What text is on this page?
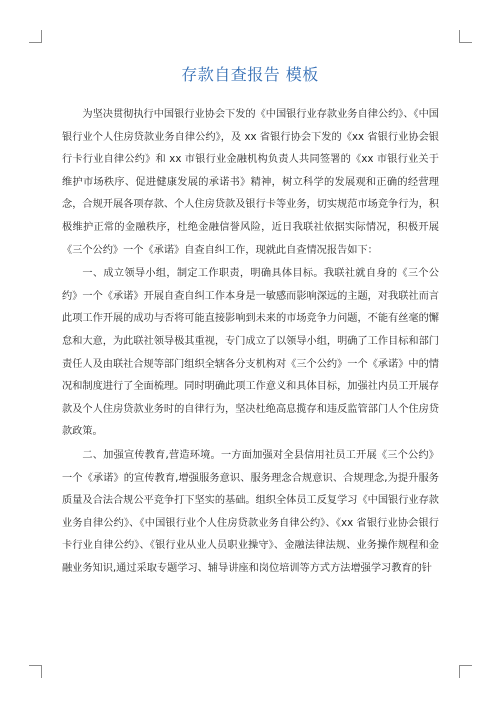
存款自查报告 模板

为坚决贯彻执行中国银行业协会下发的《中国银行业存款业务自律公约》、《中国银行业个人住房贷款业务自律公约》，及 xx 省银行协会下发的《xx 省银行业协会银行卡行业自律公约》和 xx 市银行业金融机构负责人共同签署的《xx 市银行业关于维护市场秩序、促进健康发展的承诺书》精神，树立科学的发展观和正确的经营理念，合规开展各项存款、个人住房贷款及银行卡等业务，切实规范市场竞争行为，积极维护正常的金融秩序，杜绝金融信誉风险，近日我联社依据实际情况，积极开展《三个公约》一个《承诺》自查自纠工作，现就此自查情况报告如下：

一、成立领导小组，制定工作职责，明确具体目标。我联社就自身的《三个公约》一个《承诺》开展自查自纠工作本身是一敏感而影响深远的主题，对我联社而言此项工作开展的成功与否将可能直接影响到未来的市场竞争力问题，不能有丝毫的懈怠和大意，为此联社领导极其重视，专门成立了以领导小组，明确了工作目标和部门责任人及由联社合规等部门组织全辖各分支机构对《三个公约》一个《承诺》中的情况和制度进行了全面梳理。同时明确此项工作意义和具体目标，加强社内员工开展存款及个人住房贷款业务时的自律行为，坚决杜绝高息揽存和违反监管部门人个住房贷款政策。

二、加强宣传教育,营造环境。一方面加强对全县信用社员工开展《三个公约》一个《承诺》的宣传教育,增强服务意识、服务理念合规意识、合规理念,为提升服务质量及合法合规公平竞争打下坚实的基础。组织全体员工反复学习《中国银行业存款业务自律公约》、《中国银行业个人住房贷款业务自律公约》、《xx 省银行业协会银行卡行业自律公约》、《银行业从业人员职业操守》、金融法律法规、业务操作规程和金融业务知识,通过采取专题学习、辅导讲座和岗位培训等方式方法增强学习教育的针
